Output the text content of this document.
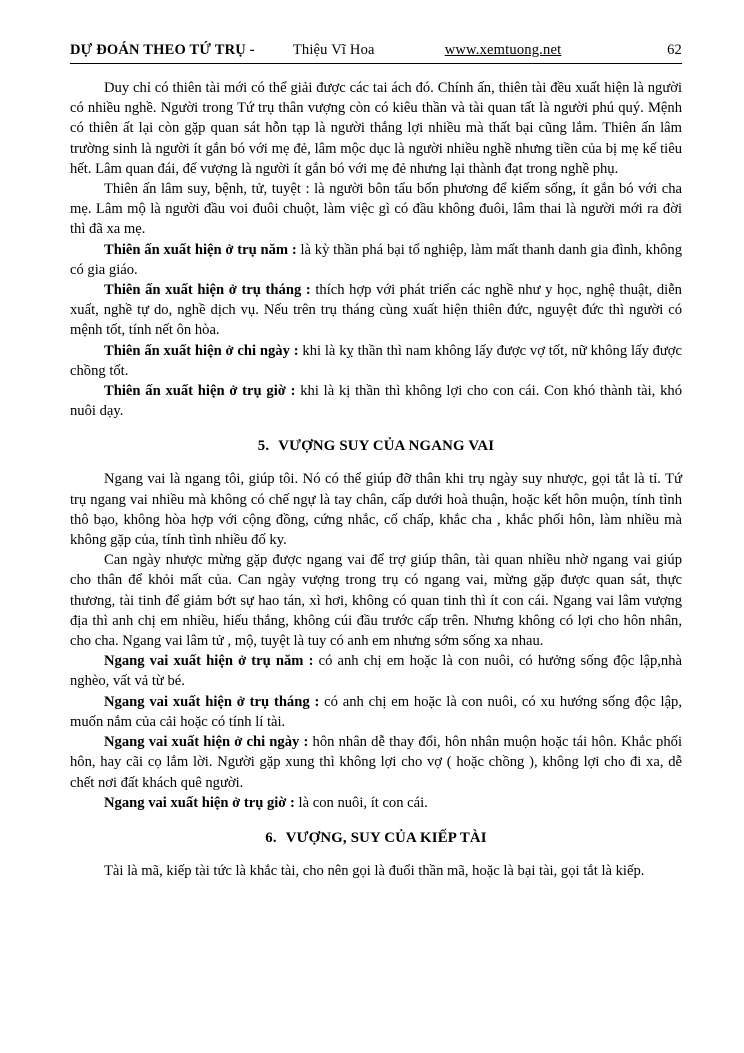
DỰ ĐOÁN THEO TỨ TRỤ -	Thiệu Vĩ Hoa	www.xemtuong.net	62

Duy chỉ có thiên tài mới có thể giải được các tai ách đó. Chính ấn, thiên tài đều xuất hiện là người có nhiều nghề. Người trong Tứ trụ thân vượng còn có kiêu thần và tài quan tất là người phú quý. Mệnh có thiên ất lại còn gặp quan sát hỗn tạp là người thắng lợi nhiều mà thất bại cũng lắm. Thiên ấn lâm trường sinh là người ít gắn bó với mẹ đẻ, lâm mộc dục là người nhiều nghề nhưng tiền của bị mẹ kế tiêu hết. Lâm quan đái, đế vượng là người ít gắn bó với mẹ đẻ nhưng lại thành đạt trong nghề phụ.

Thiên ấn lâm suy, bệnh, tử, tuyệt : là người bôn tẩu bốn phương để kiếm sống, ít gắn bó với cha mẹ. Lâm mộ là người đầu voi đuôi chuột, làm việc gì có đầu không đuôi, lâm thai là người mới ra đời thì đã xa mẹ.

Thiên ấn xuất hiện ở trụ năm : là kỳ thần phá bại tổ nghiệp, làm mất thanh danh gia đình, không có gia giáo.

Thiên ấn xuất hiện ở trụ tháng : thích hợp với phát triển các nghề như y học, nghệ thuật, diễn xuất, nghề tự do, nghề dịch vụ. Nếu trên trụ tháng cùng xuất hiện thiên đức, nguyệt đức thì người có mệnh tốt, tính nết ôn hòa.

Thiên ấn xuất hiện ở chi ngày : khi là kỵ thần thì nam không lấy được vợ tốt, nữ không lấy được chồng tốt.

Thiên ấn xuất hiện ở trụ giờ : khi là kị thần thì không lợi cho con cái. Con khó thành tài, khó nuôi dạy.

5. VƯỢNG SUY CỦA NGANG VAI

Ngang vai là ngang tôi, giúp tôi. Nó có thể giúp đỡ thân khi trụ ngày suy nhược, gọi tắt là tỉ. Tứ trụ ngang vai nhiều mà không có chế ngự là tay chân, cấp dưới hoà thuận, hoặc kết hôn muộn, tính tình thô bạo, không hòa hợp với cộng đồng, cứng nhắc, cố chấp, khắc cha , khắc phối hôn, làm nhiều mà không gặp của, tính tình nhiều đố ky.

Can ngày nhược mừng gặp được ngang vai để trợ giúp thân, tài quan nhiều nhờ ngang vai giúp cho thân để khỏi mất của. Can ngày vượng trong trụ có ngang vai, mừng gặp được quan sát, thực thương, tài tinh để giảm bớt sự hao tán, xì hơi, không có quan tinh thì ít con cái. Ngang vai lâm vượng địa thì anh chị em nhiều, hiếu thắng, không cúi đầu trước cấp trên. Nhưng không có lợi cho hôn nhân, cho cha. Ngang vai lâm tử , mộ, tuyệt là tuy có anh em nhưng sớm sống xa nhau.

Ngang vai xuất hiện ở trụ năm : có anh chị em hoặc là con nuôi, có hưởng sống độc lập,nhà nghèo, vất vả từ bé.

Ngang vai xuất hiện ở trụ tháng : có anh chị em hoặc là con nuôi, có xu hướng sống độc lập, muốn nắm của cải hoặc có tính lí tài.

Ngang vai xuất hiện ở chi ngày : hôn nhân dễ thay đổi, hôn nhân muộn hoặc tái hôn. Khắc phối hôn, hay cãi cọ lắm lời. Người gặp xung thì không lợi cho vợ ( hoặc chồng ), không lợi cho đi xa, dễ chết nơi đất khách quê người.

Ngang vai xuất hiện ở trụ giờ : là con nuôi, ít con cái.

6. VƯỢNG, SUY CỦA KIẾP TÀI

Tài là mã, kiếp tài tức là khắc tài, cho nên gọi là đuổi thần mã, hoặc là bại tài, gọi tắt là kiếp.
